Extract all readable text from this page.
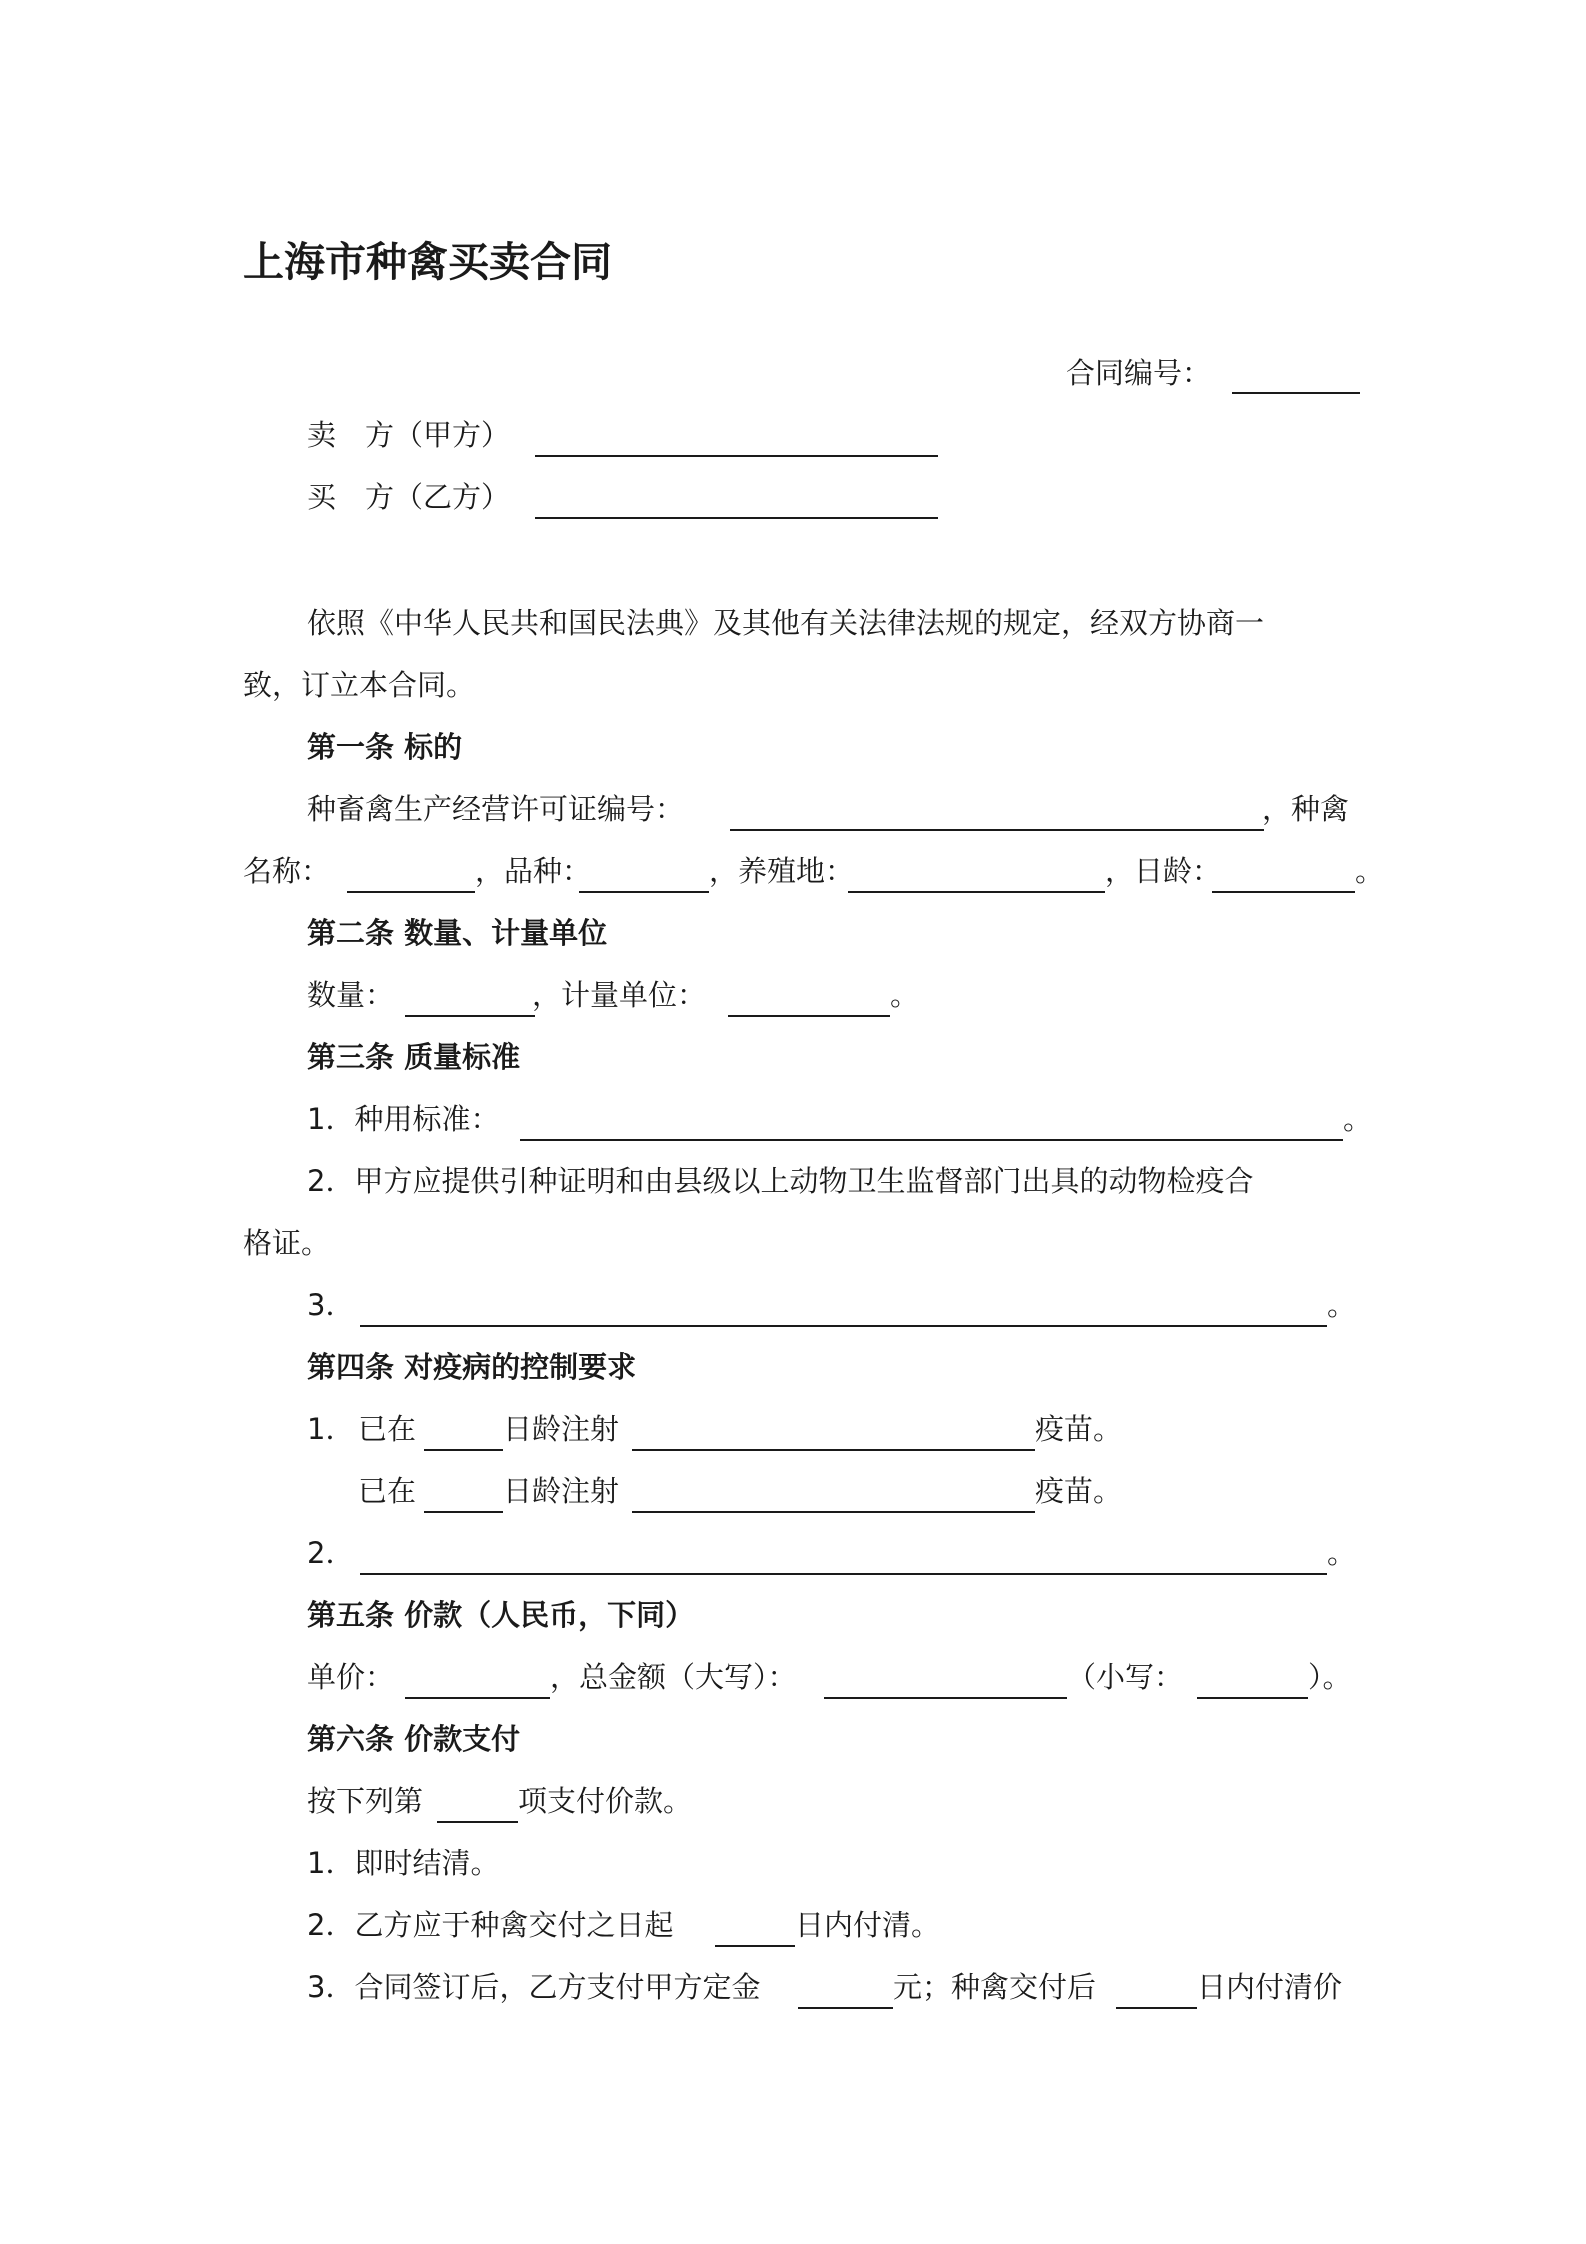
上海市种禽买卖合同
合同编号：
卖　方（甲方）
买　方（乙方）
依照《中华人民共和国民法典》及其他有关法律法规的规定，经双方协商一
致，订立本合同。
第一条 标的
种畜禽生产经营许可证编号：	，种禽
名称：	，品种：	，养殖地：	，日龄：	。
第二条 数量、计量单位
数量：	，计量单位：	。
第三条 质量标准
1．种用标准：	。
2．甲方应提供引种证明和由县级以上动物卫生监督部门出具的动物检疫合
格证。
3．	。
第四条 对疫病的控制要求
1． 已在	日龄注射	疫苗。
已在	日龄注射	疫苗。
2．	。
第五条 价款（人民币，下同）
单价：	，总金额（大写）：	（小写：	）。
第六条 价款支付
按下列第	项支付价款。
1．即时结清。
2．乙方应于种禽交付之日起	日内付清。
3．合同签订后，乙方支付甲方定金	元；种禽交付后	日内付清价
